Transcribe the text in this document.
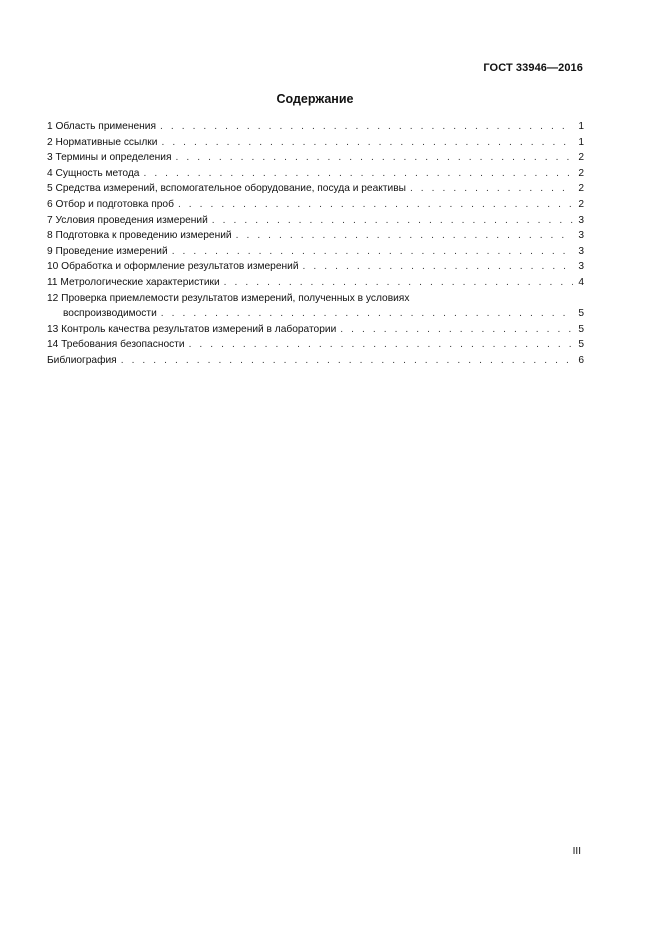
ГОСТ 33946—2016
Содержание
1 Область применения . . .	1
2 Нормативные ссылки . . .	1
3 Термины и определения . . .	2
4 Сущность метода . . .	2
5 Средства измерений, вспомогательное оборудование, посуда и реактивы . . .	2
6 Отбор и подготовка проб . . .	2
7 Условия проведения измерений . . .	3
8 Подготовка к проведению измерений . . .	3
9 Проведение измерений . . .	3
10 Обработка и оформление результатов измерений . . .	3
11 Метрологические характеристики . . .	4
12 Проверка приемлемости результатов измерений, полученных в условиях
воспроизводимости . . .	5
13 Контроль качества результатов измерений в лаборатории . . .	5
14 Требования безопасности . . .	5
Библиография . . .	6
III
